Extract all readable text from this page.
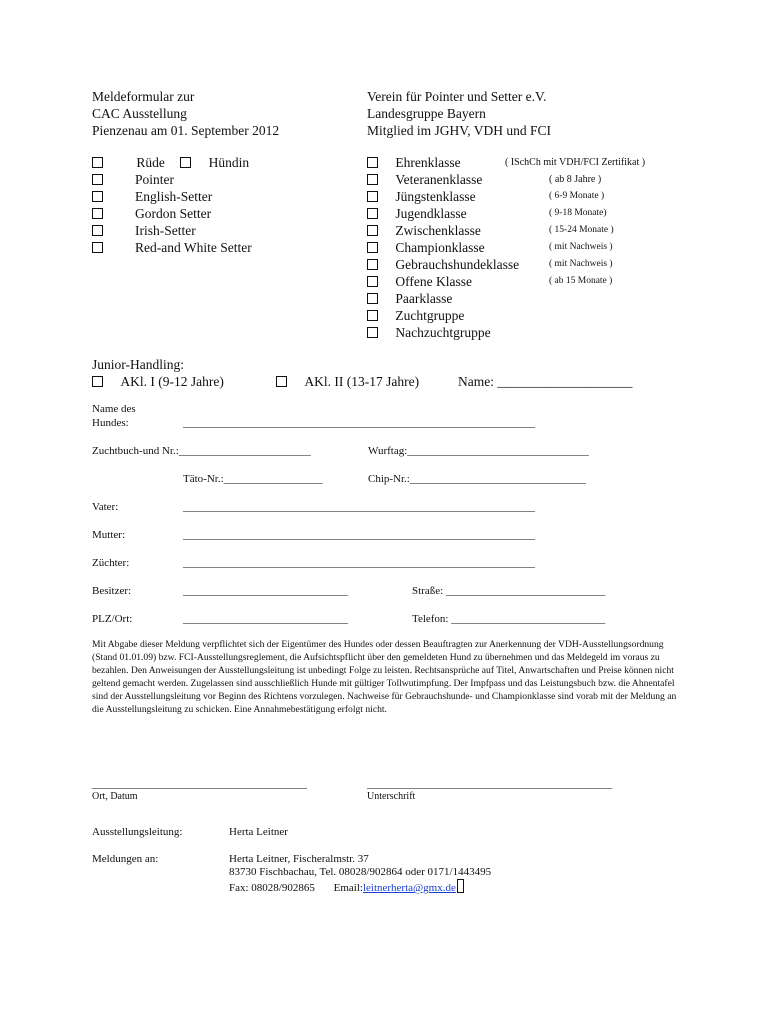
Meldeformular zur
CAC Ausstellung
Pienzenau am 01. September 2012
Verein für Pointer und Setter e.V.
Landesgruppe Bayern
Mitglied im JGHV, VDH und FCI
Rüde	Hündin
Pointer
English-Setter
Gordon Setter
Irish-Setter
Red-and White Setter
Ehrenklasse	( ISchCh mit VDH/FCI Zertifikat )
Veteranenklasse	( ab 8 Jahre )
Jüngstenklasse	( 6-9 Monate )
Jugendklasse	( 9-18 Monate)
Zwischenklasse	( 15-24 Monate )
Championklasse	( mit Nachweis )
Gebrauchshundeklasse	( mit Nachweis )
Offene Klasse	( ab 15 Monate )
Paarklasse
Zuchtgruppe
Nachzuchtgruppe
Junior-Handling:
AKl. I (9-12 Jahre)	AKl. II (13-17 Jahre)	Name: ____________________
Name des
Hundes:	________________________________________________________________
Zuchtbuch-und Nr.:________________________	Wurftag:_________________________________
Täto-Nr.:__________________	Chip-Nr.:________________________________
Vater:	________________________________________________________________
Mutter:	________________________________________________________________
Züchter:	________________________________________________________________
Besitzer:	______________________________	Straße: _____________________________
PLZ/Ort:	______________________________	Telefon: ____________________________
Mit Abgabe dieser Meldung verpflichtet sich der Eigentümer des Hundes oder dessen Beauftragten zur Anerkennung der VDH-Ausstellungsordnung (Stand 01.01.09) bzw. FCI-Ausstellungsreglement, die Aufsichtspflicht über den gemeldeten Hund zu übernehmen und das Meldegeld im voraus zu bezahlen. Den Anweisungen der Ausstellungsleitung ist unbedingt Folge zu leisten. Rechtsansprüche auf Titel, Anwartschaften und Preise können nicht geltend gemacht werden. Zugelassen sind ausschließlich Hunde mit gültiger Tollwutimpfung. Der Impfpass und das Leistungsbuch bzw. die Ahnentafel sind der Ausstellungsleitung vor Beginn des Richtens vorzulegen. Nachweise für Gebrauchshunde- und Championklasse sind vorab mit der Meldung an die Ausstellungsleitung zu schicken. Eine Annahmebestätigung erfolgt nicht.
___________________________________________	_________________________________________________
Ort, Datum	Unterschrift
Ausstellungsleitung:	Herta Leitner
Meldungen an:	Herta Leitner, Fischeralmstr. 37
83730 Fischbachau, Tel. 08028/902864 oder 0171/1443495
Fax: 08028/902865 Email:leitnerherta@gmx.de
